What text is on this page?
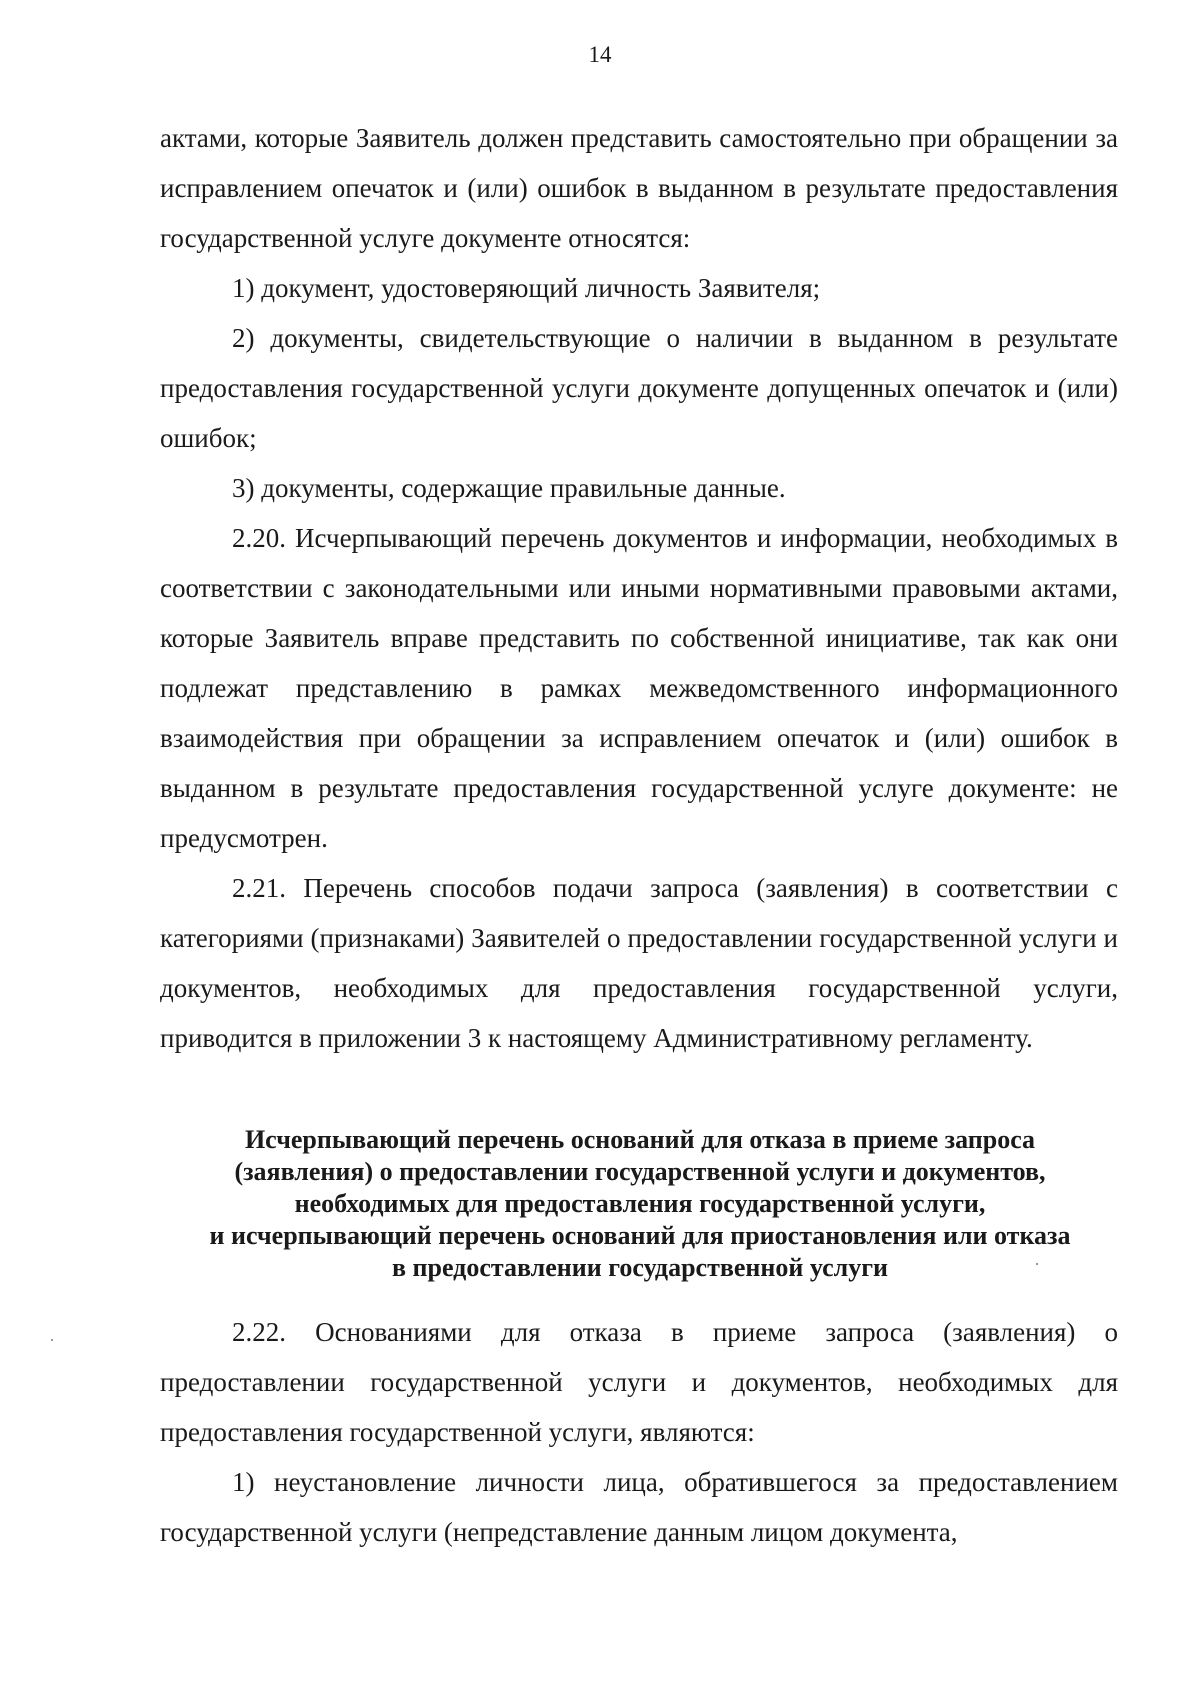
14

актами, которые Заявитель должен представить самостоятельно при обращении за исправлением опечаток и (или) ошибок в выданном в результате предоставления государственной услуге документе относятся:

1) документ, удостоверяющий личность Заявителя;

2) документы, свидетельствующие о наличии в выданном в результате предоставления государственной услуги документе допущенных опечаток и (или) ошибок;

3) документы, содержащие правильные данные.

2.20. Исчерпывающий перечень документов и информации, необходимых в соответствии с законодательными или иными нормативными правовыми актами, которые Заявитель вправе представить по собственной инициативе, так как они подлежат представлению в рамках межведомственного информационного взаимодействия при обращении за исправлением опечаток и (или) ошибок в выданном в результате предоставления государственной услуге документе: не предусмотрен.

2.21. Перечень способов подачи запроса (заявления) в соответствии с категориями (признаками) Заявителей о предоставлении государственной услуги и документов, необходимых для предоставления государственной услуги, приводится в приложении 3 к настоящему Административному регламенту.

Исчерпывающий перечень оснований для отказа в приеме запроса
(заявления) о предоставлении государственной услуги и документов,
необходимых для предоставления государственной услуги,
и исчерпывающий перечень оснований для приостановления или отказа
в предоставлении государственной услуги

2.22. Основаниями для отказа в приеме запроса (заявления) о предоставлении государственной услуги и документов, необходимых для предоставления государственной услуги, являются:

1) неустановление личности лица, обратившегося за предоставлением государственной услуги (непредставление данным лицом документа,
